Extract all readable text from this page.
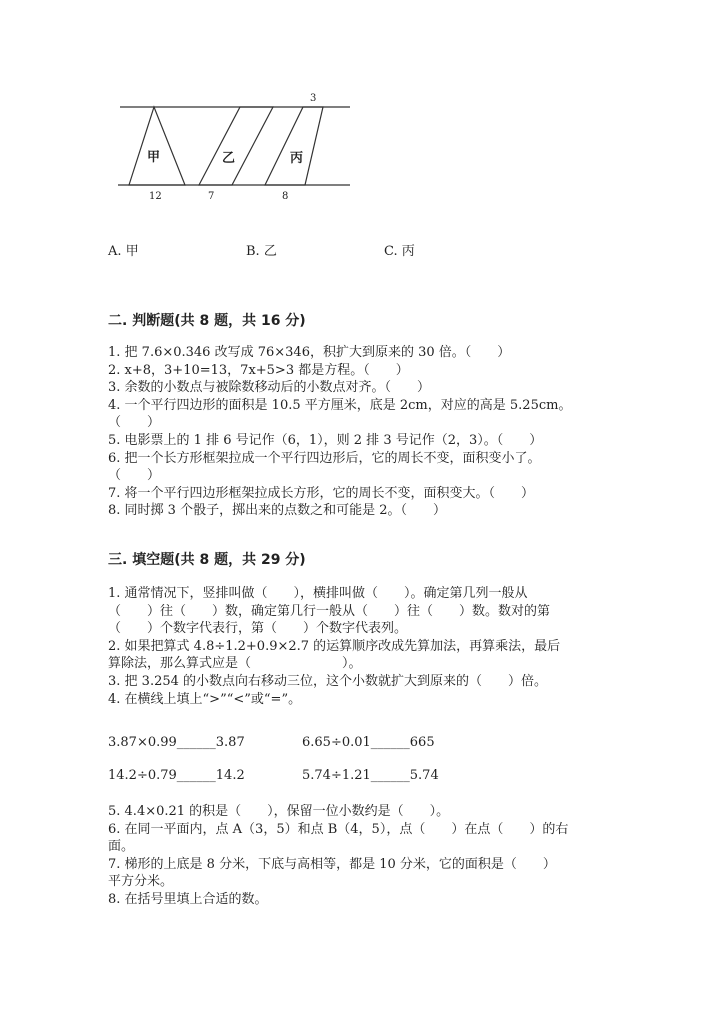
甲	乙	丙
3
12	7	8
A. 甲	B. 乙	C. 丙
二. 判断题(共 8 题，共 16 分)
1. 把 7.6×0.346 改写成 76×346，积扩大到原来的 30 倍。（　　）
2. x+8，3+10=13，7x+5>3 都是方程。（　　）
3. 余数的小数点与被除数移动后的小数点对齐。（　　）
4. 一个平行四边形的面积是 10.5 平方厘米，底是 2cm，对应的高是 5.25cm。
（　　）
5. 电影票上的 1 排 6 号记作（6，1），则 2 排 3 号记作（2，3）。（　　）
6. 把一个长方形框架拉成一个平行四边形后，它的周长不变，面积变小了。
（　　）
7. 将一个平行四边形框架拉成长方形，它的周长不变，面积变大。（　　）
8. 同时掷 3 个骰子，掷出来的点数之和可能是 2。（　　）
三. 填空题(共 8 题，共 29 分)
1. 通常情况下，竖排叫做（　　），横排叫做（　　）。确定第几列一般从
（　　）往（　　）数，确定第几行一般从（　　）往（　　）数。数对的第
（　　）个数字代表行，第（　　）个数字代表列。
2. 如果把算式 4.8÷1.2+0.9×2.7 的运算顺序改成先算加法，再算乘法，最后
算除法，那么算式应是（　　　　　　　）。
3. 把 3.254 的小数点向右移动三位，这个小数就扩大到原来的（　　）倍。
4. 在横线上填上“>”“<”或“=”。
3.87×0.99______3.87	6.65÷0.01______665
14.2÷0.79______14.2	5.74÷1.21______5.74
5. 4.4×0.21 的积是（　　），保留一位小数约是（　　）。
6. 在同一平面内，点 A（3，5）和点 B（4，5），点（　　）在点（　　）的右
面。
7. 梯形的上底是 8 分米，下底与高相等，都是 10 分米，它的面积是（　　）
平方分米。
8. 在括号里填上合适的数。
